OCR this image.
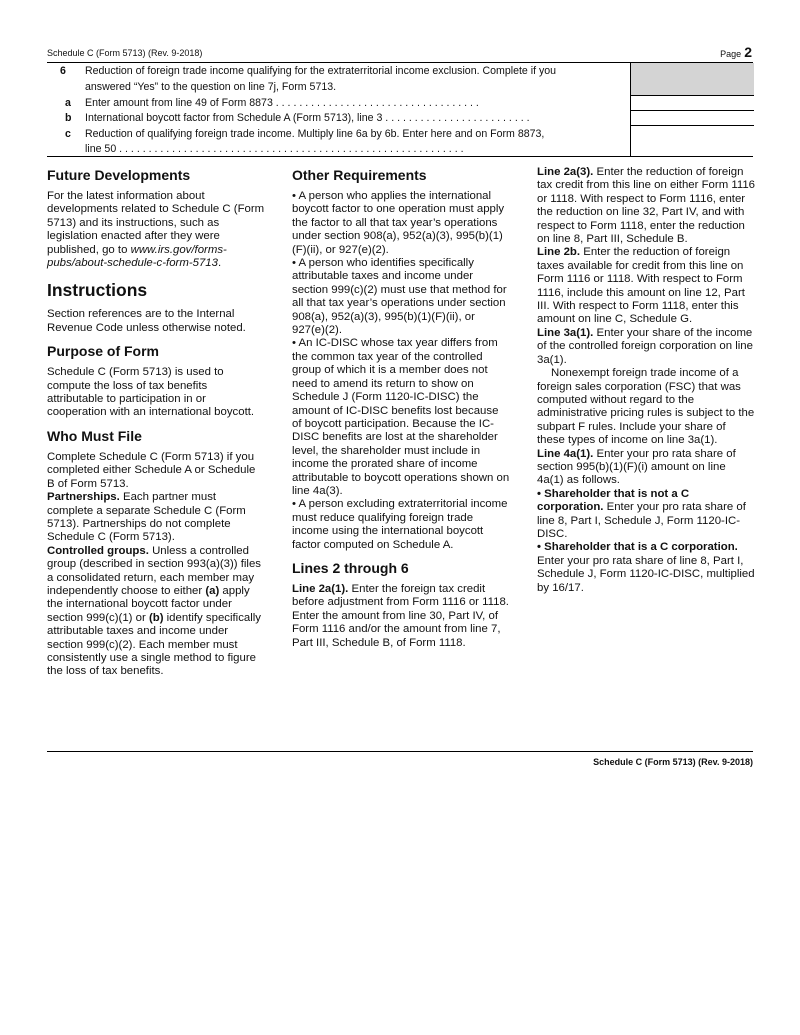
Schedule C (Form 5713) (Rev. 9-2018)	Page 2
6 Reduction of foreign trade income qualifying for the extraterritorial income exclusion. Complete if you
answered “Yes” to the question on line 7j, Form 5713.
a Enter amount from line 49 of Form 8873 . . . . . . . . . . . . . . . . . . . . . . . . . . . . . . . . . . .
b International boycott factor from Schedule A (Form 5713), line 3 . . . . . . . . . . . . . . . . . . . . . . . . .
c Reduction of qualifying foreign trade income. Multiply line 6a by 6b. Enter here and on Form 8873,
line 50 . . . . . . . . . . . . . . . . . . . . . . . . . . . . . . . . . . . . . . . . . . . . . . . . . . . . . . . . . . .
Future Developments

For the latest information about developments related to Schedule C (Form 5713) and its instructions, such as legislation enacted after they were published, go to www.irs.gov/forms-pubs/about-schedule-c-form-5713.

Instructions

Section references are to the Internal Revenue Code unless otherwise noted.

Purpose of Form

Schedule C (Form 5713) is used to compute the loss of tax benefits attributable to participation in or cooperation with an international boycott.

Who Must File

Complete Schedule C (Form 5713) if you completed either Schedule A or Schedule B of Form 5713.

Partnerships. Each partner must complete a separate Schedule C (Form 5713). Partnerships do not complete Schedule C (Form 5713).

Controlled groups. Unless a controlled group (described in section 993(a)(3)) files a consolidated return, each member may independently choose to either (a) apply the international boycott factor under section 999(c)(1) or (b) identify specifically attributable taxes and income under section 999(c)(2). Each member must consistently use a single method to figure the loss of tax benefits.

Other Requirements

• A person who applies the international boycott factor to one operation must apply the factor to all that tax year’s operations under section 908(a), 952(a)(3), 995(b)(1)(F)(ii), or 927(e)(2).

• A person who identifies specifically attributable taxes and income under section 999(c)(2) must use that method for all that tax year’s operations under section 908(a), 952(a)(3), 995(b)(1)(F)(ii), or 927(e)(2).

• An IC-DISC whose tax year differs from the common tax year of the controlled group of which it is a member does not need to amend its return to show on Schedule J (Form 1120-IC-DISC) the amount of IC-DISC benefits lost because of boycott participation. Because the IC-DISC benefits are lost at the shareholder level, the shareholder must include in income the prorated share of income attributable to boycott operations shown on line 4a(3).

• A person excluding extraterritorial income must reduce qualifying foreign trade income using the international boycott factor computed on Schedule A.

Lines 2 through 6

Line 2a(1). Enter the foreign tax credit before adjustment from Form 1116 or 1118. Enter the amount from line 30, Part IV, of Form 1116 and/or the amount from line 7, Part III, Schedule B, of Form 1118.

Line 2a(3). Enter the reduction of foreign tax credit from this line on either Form 1116 or 1118. With respect to Form 1116, enter the reduction on line 32, Part IV, and with respect to Form 1118, enter the reduction on line 8, Part III, Schedule B.

Line 2b. Enter the reduction of foreign taxes available for credit from this line on Form 1116 or 1118. With respect to Form 1116, include this amount on line 12, Part III. With respect to Form 1118, enter this amount on line C, Schedule G.

Line 3a(1). Enter your share of the income of the controlled foreign corporation on line 3a(1).

Nonexempt foreign trade income of a foreign sales corporation (FSC) that was computed without regard to the administrative pricing rules is subject to the subpart F rules. Include your share of these types of income on line 3a(1).

Line 4a(1). Enter your pro rata share of section 995(b)(1)(F)(i) amount on line 4a(1) as follows.

• Shareholder that is not a C corporation. Enter your pro rata share of line 8, Part I, Schedule J, Form 1120-IC-DISC.

• Shareholder that is a C corporation. Enter your pro rata share of line 8, Part I, Schedule J, Form 1120-IC-DISC, multiplied by 16/17.

Schedule C (Form 5713) (Rev. 9-2018)
